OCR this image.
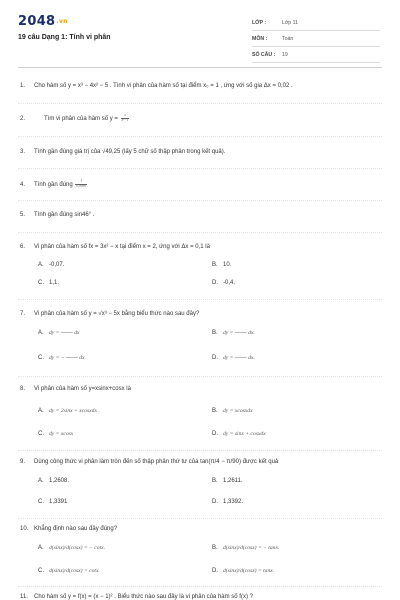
2048.vn
19 câu Dạng 1: Tính vi phân
LỚP :	Lớp 11
MÔN :	Toán
SỐ CÂU :	19
1. Cho hàm số y = x³ − 4x² − 5 . Tính vi phân của hàm số tại điểm x₀ = 1 , ứng với số gia Δx = 0,02 .
2.	Tìm vi phân của hàm số $y = \frac{x}{\text{x²−1}}$
3. Tính gần đúng giá trị của √49,25 (lấy 5 chữ số thập phân trong kết quả).
4. Tính gần đúng $\frac{1}{0,9995}$
5. Tính gần đúng sin46° .
6. Vi phân của hàm số fx = 3x² − x tại điểm x = 2, ứng với Δx = 0,1 là
A. -0,07.	B. 10.
C. 1,1.	D. -0,4.
7. Vi phân của hàm số y = √x³ − 5x bằng biểu thức nào sau đây?
A. dy = ─── dx	B. dy = ─── dx.
C. dy = − ─── dx.	D. dy = ─── dx.
8. Vi phân của hàm số y=xsinx+cosx là
A. dy = 2sinx + xcosxdx .	B. dy = xcosxdx
C. dy = xcosx	D. dy = sinx + cosxdx
9. Dùng công thức vi phân làm tròn đến số thập phân thứ tư của tan(π/4 − π/90) được kết quả
A. 1,2608.	B. 1,2611.
C. 1,3391	D. 1,3392.
10. Khẳng định nào sau đây đúng?
A. d(sinx)/d(cosx) = − cotx.	B. d(sinx)/d(cosx) = − tanx.
C. d(sinx)/d(cosx) = cotx.	D. d(sinx)/d(cosx) = tanx.
11. Cho hàm số y = f(x) = (x − 1)² . Biểu thức nào sau đây là vi phân của hàm số f(x) ?
